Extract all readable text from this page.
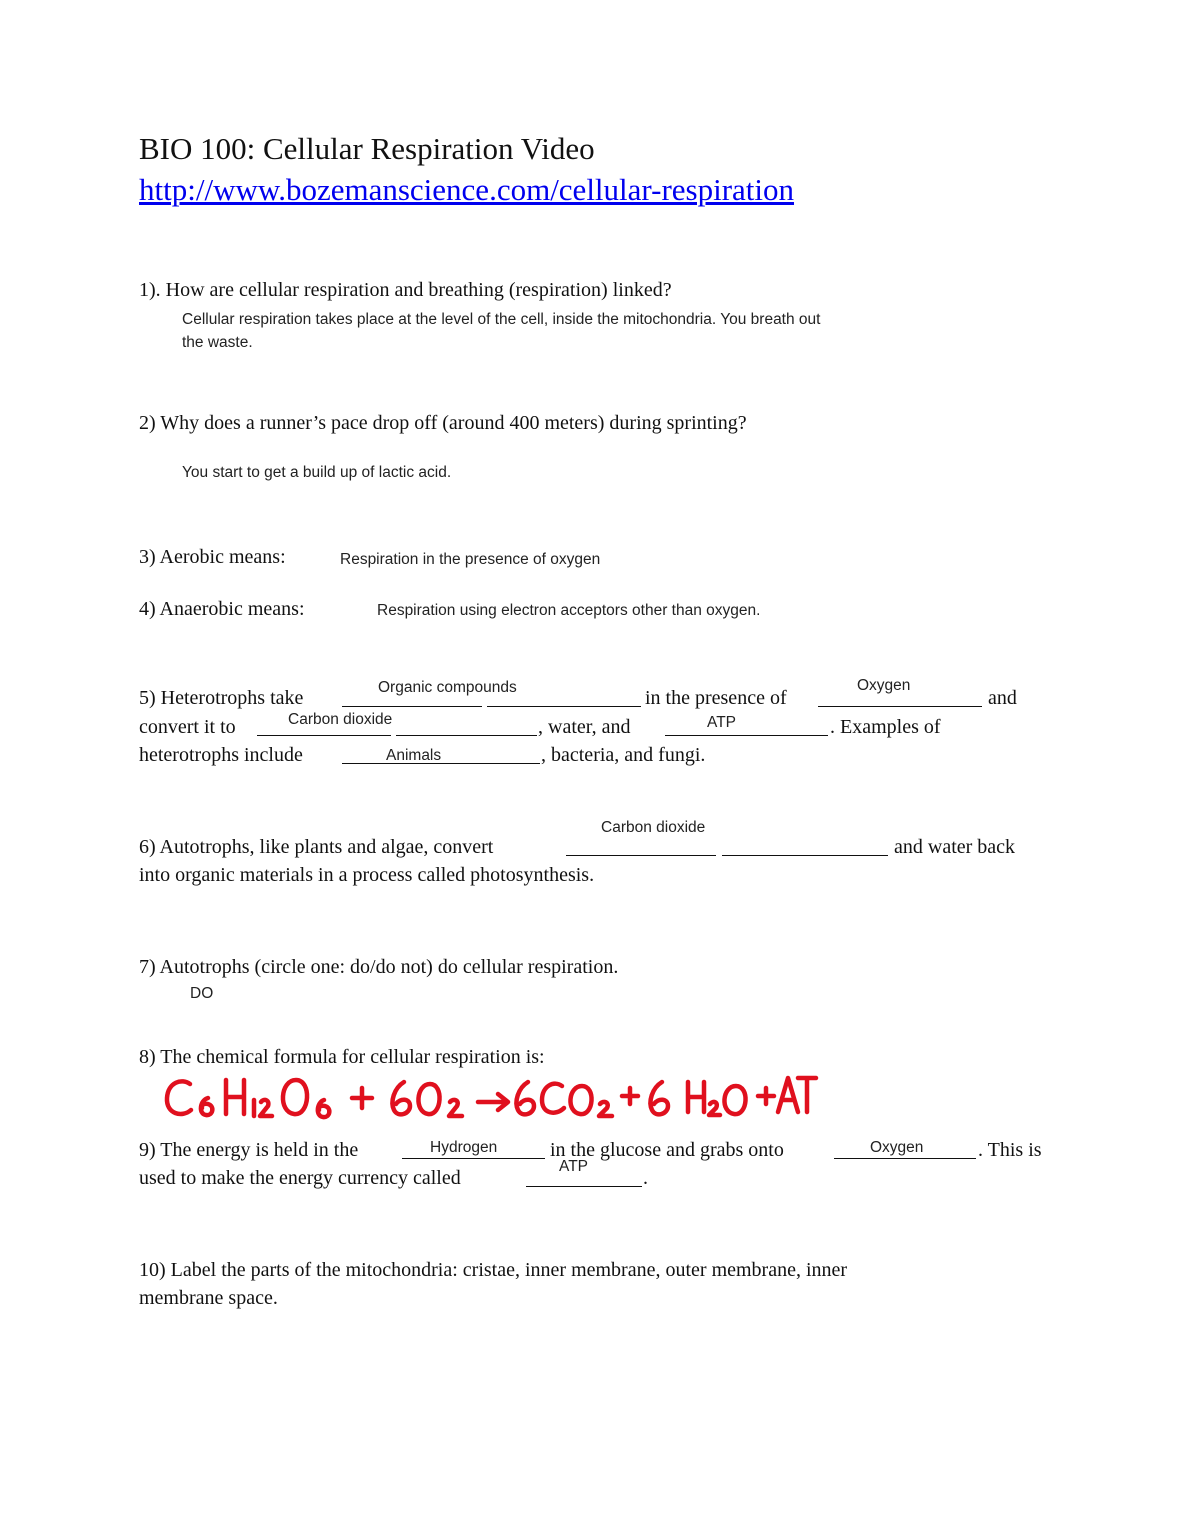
BIO 100: Cellular Respiration Video
http://www.bozemanscience.com/cellular-respiration
1). How are cellular respiration and breathing (respiration) linked?
Cellular respiration takes place at the level of the cell, inside the mitochondria. You breath out
the waste.
2) Why does a runner’s pace drop off (around 400 meters) during sprinting?
You start to get a build up of lactic acid.
3) Aerobic means:	Respiration in the presence of oxygen
4) Anaerobic means:	Respiration using electron acceptors other than oxygen.
5) Heterotrophs take	Organic compounds	in the presence of
Oxygen
and
convert it to	Carbon dioxide	, water, and	ATP	. Examples of
heterotrophs include	Animals	, bacteria, and fungi.
Carbon dioxide
6) Autotrophs, like plants and algae, convert	and water back
into organic materials in a process called photosynthesis.
7) Autotrophs (circle one: do/do not) do cellular respiration.
DO
8) The chemical formula for cellular respiration is:
9) The energy is held in the	Hydrogen	in the glucose and grabs onto	Oxygen	. This is
ATP
used to make the energy currency called	.
10) Label the parts of the mitochondria: cristae, inner membrane, outer membrane, inner
membrane space.
